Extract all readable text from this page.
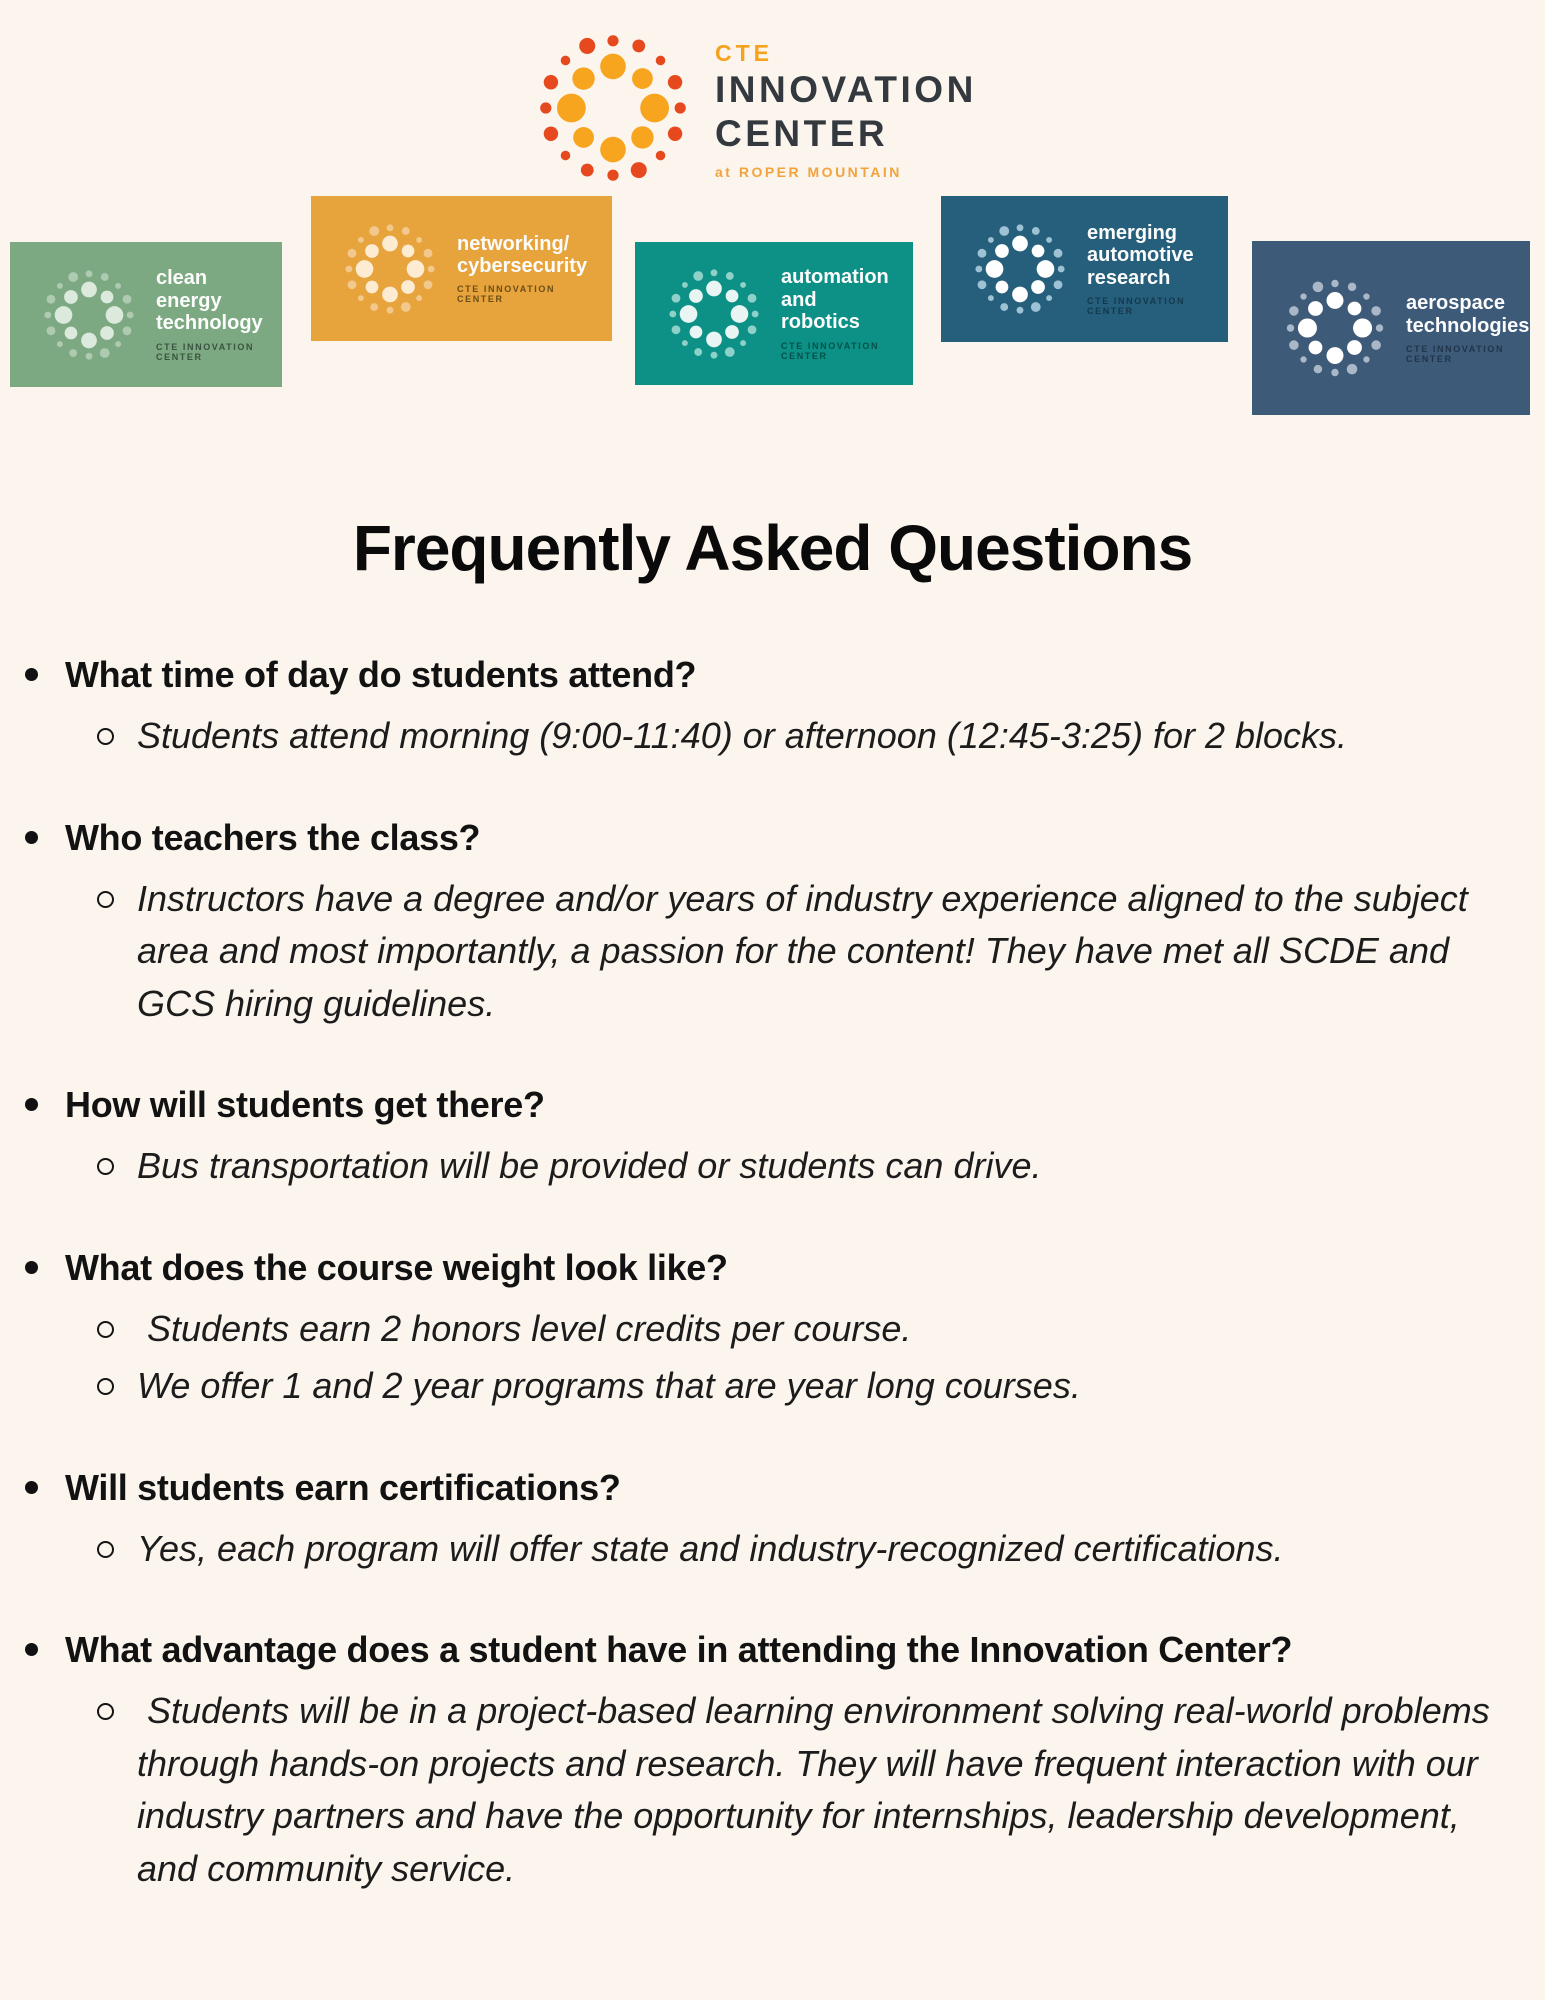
CTE
INNOVATION
CENTER
at ROPER MOUNTAIN
clean energy
technology
CTE INNOVATION CENTER
networking/
cybersecurity
CTE INNOVATION CENTER
automation
and robotics
CTE INNOVATION CENTER
emerging
automotive research
CTE INNOVATION CENTER	aerospace
technologies
CTE INNOVATION CENTER
Frequently Asked Questions
What time of day do students attend?

Students attend morning (9:00-11:40) or afternoon (12:45-3:25) for 2 blocks.

Who teachers the class?

Instructors have a degree and/or years of industry experience aligned to the subject area and most importantly, a passion for the content! They have met all SCDE and GCS hiring guidelines.

How will students get there?

Bus transportation will be provided or students can drive.

What does the course weight look like?

Students earn 2 honors level credits per course.

We offer 1 and 2 year programs that are year long courses.

Will students earn certifications?

Yes, each program will offer state and industry-recognized certifications.

What advantage does a student have in attending the Innovation Center?

Students will be in a project-based learning environment solving real-world problems through hands-on projects and research. They will have frequent interaction with our industry partners and have the opportunity for internships, leadership development, and community service.
